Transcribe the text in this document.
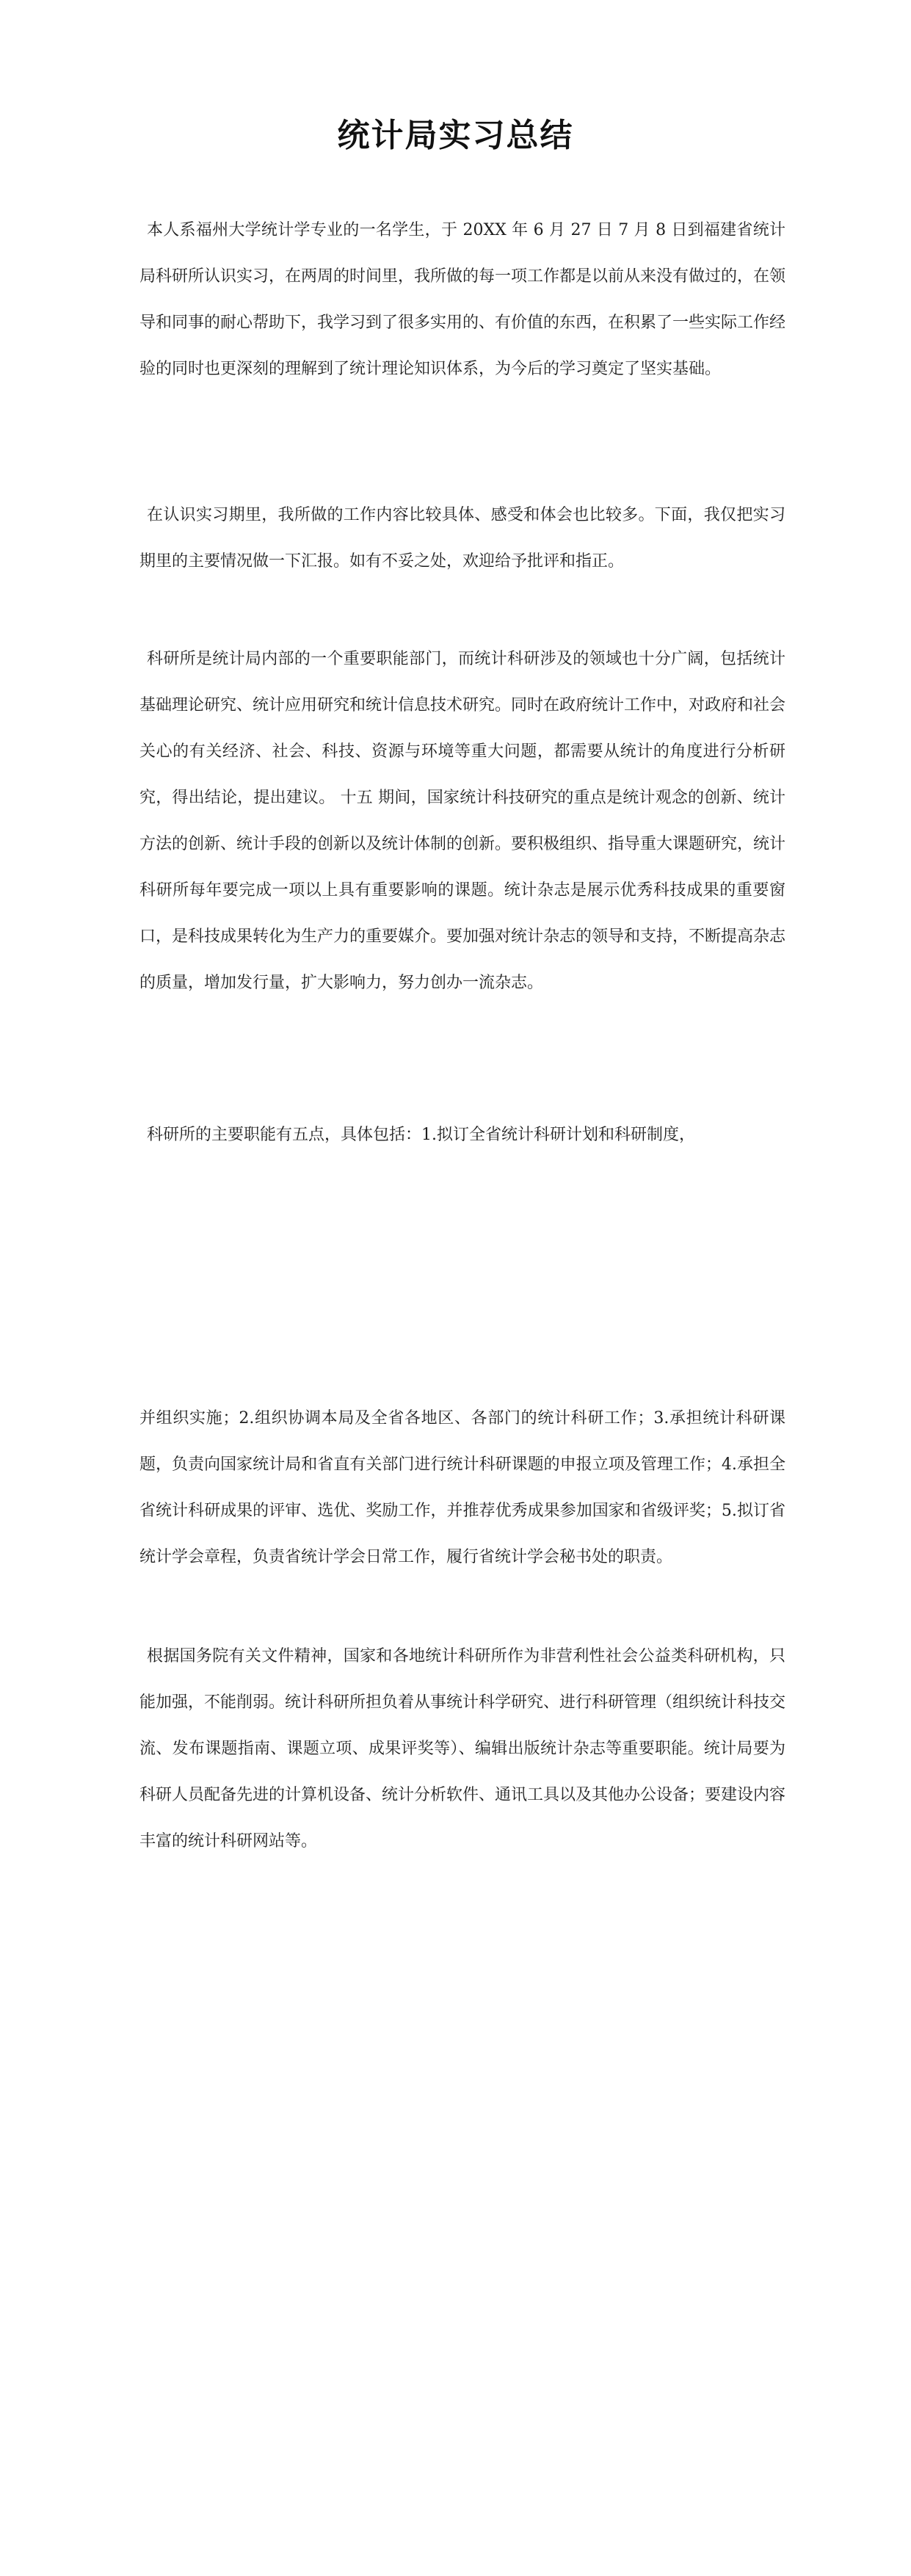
统计局实习总结

本人系福州大学统计学专业的一名学生，于 20XX 年 6 月 27 日 7 月 8 日到福建省统计局科研所认识实习，在两周的时间里，我所做的每一项工作都是以前从来没有做过的，在领导和同事的耐心帮助下，我学习到了很多实用的、有价值的东西，在积累了一些实际工作经验的同时也更深刻的理解到了统计理论知识体系，为今后的学习奠定了坚实基础。

在认识实习期里，我所做的工作内容比较具体、感受和体会也比较多。下面，我仅把实习期里的主要情况做一下汇报。如有不妥之处，欢迎给予批评和指正。

科研所是统计局内部的一个重要职能部门，而统计科研涉及的领域也十分广阔，包括统计基础理论研究、统计应用研究和统计信息技术研究。同时在政府统计工作中，对政府和社会关心的有关经济、社会、科技、资源与环境等重大问题，都需要从统计的角度进行分析研究，得出结论，提出建议。 十五 期间，国家统计科技研究的重点是统计观念的创新、统计方法的创新、统计手段的创新以及统计体制的创新。要积极组织、指导重大课题研究，统计科研所每年要完成一项以上具有重要影响的课题。统计杂志是展示优秀科技成果的重要窗口，是科技成果转化为生产力的重要媒介。要加强对统计杂志的领导和支持，不断提高杂志的质量，增加发行量，扩大影响力，努力创办一流杂志。

科研所的主要职能有五点，具体包括：1.拟订全省统计科研计划和科研制度，

并组织实施；2.组织协调本局及全省各地区、各部门的统计科研工作；3.承担统计科研课题，负责向国家统计局和省直有关部门进行统计科研课题的申报立项及管理工作；4.承担全省统计科研成果的评审、选优、奖励工作，并推荐优秀成果参加国家和省级评奖；5.拟订省统计学会章程，负责省统计学会日常工作，履行省统计学会秘书处的职责。

根据国务院有关文件精神，国家和各地统计科研所作为非营利性社会公益类科研机构，只能加强，不能削弱。统计科研所担负着从事统计科学研究、进行科研管理（组织统计科技交流、发布课题指南、课题立项、成果评奖等）、编辑出版统计杂志等重要职能。统计局要为科研人员配备先进的计算机设备、统计分析软件、通讯工具以及其他办公设备；要建设内容丰富的统计科研网站等。
